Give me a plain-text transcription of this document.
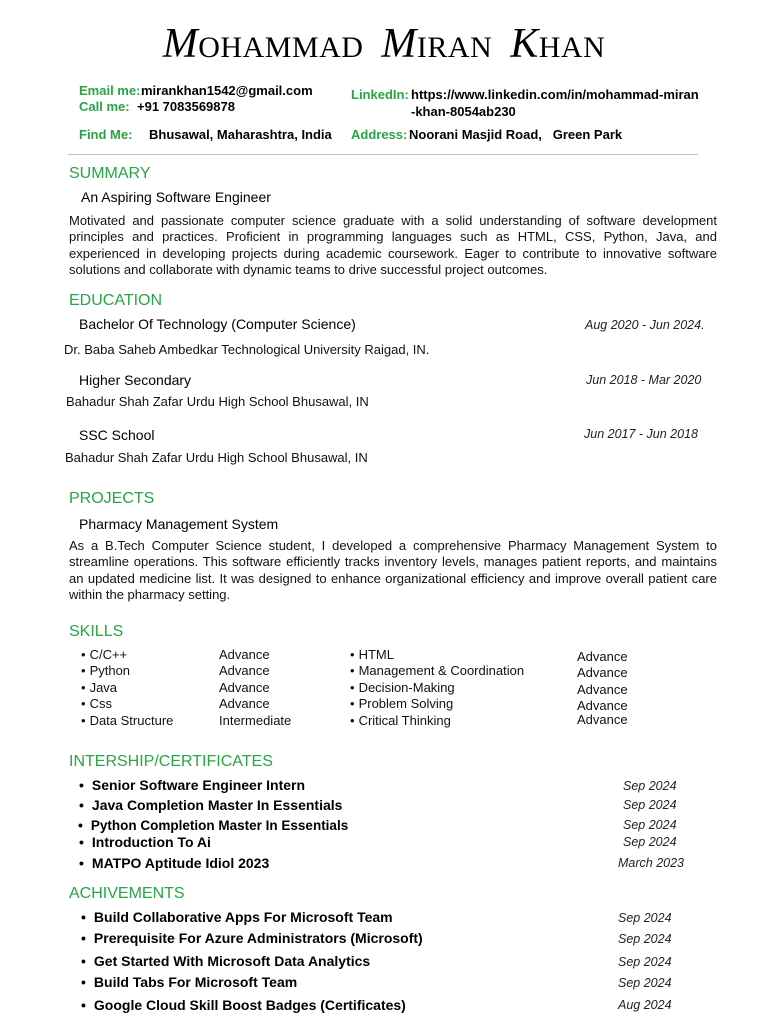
MOHAMMAD MIRAN KHAN
Email me: mirankhan1542@gmail.com
Call me: +91 7083569878
Find Me: Bhusawal, Maharashtra, India
LinkedIn: https://www.linkedin.com/in/mohammad-miran
-khan-8054ab230
Address: Noorani Masjid Road,   Green Park
SUMMARY
An Aspiring Software Engineer
Motivated and passionate computer science graduate with a solid understanding of software development principles and practices. Proficient in programming languages such as HTML, CSS, Python, Java, and experienced in developing projects during academic coursework. Eager to contribute to innovative software solutions and collaborate with dynamic teams to drive successful project outcomes.
EDUCATION
Bachelor Of Technology (Computer Science)	Aug 2020 - Jun 2024.
Dr. Baba Saheb Ambedkar Technological University Raigad, IN.
Higher Secondary	Jun 2018 - Mar 2020
Bahadur Shah Zafar Urdu High School Bhusawal, IN
SSC School	Jun 2017 - Jun 2018
Bahadur Shah Zafar Urdu High School Bhusawal, IN
PROJECTS
Pharmacy Management System
As a B.Tech Computer Science student, I developed a comprehensive Pharmacy Management System to streamline operations. This software efficiently tracks inventory levels, manages patient reports, and maintains an updated medicine list. It was designed to enhance organizational efficiency and improve overall patient care within the pharmacy setting.
SKILLS
• C/C++	Advance
• Python	Advance
• Java	Advance
• Css	Advance
• Data Structure	Intermediate
• HTML	Advance
• Management & Coordination	Advance
• Decision-Making	Advance
• Problem Solving	Advance
• Critical Thinking	Advance
INTERSHIP/CERTIFICATES
• Senior Software Engineer Intern	Sep 2024
• Java Completion Master In Essentials	Sep 2024
• Python Completion Master In Essentials	Sep 2024
• Introduction To Ai	Sep 2024
• MATPO Aptitude Idiol 2023	March 2023
ACHIVEMENTS
• Build Collaborative Apps For Microsoft Team	Sep 2024
• Prerequisite For Azure Administrators (Microsoft)	Sep 2024
• Get Started With Microsoft Data Analytics	Sep 2024
• Build Tabs For Microsoft Team	Sep 2024
• Google Cloud Skill Boost Badges (Certificates)	Aug 2024
